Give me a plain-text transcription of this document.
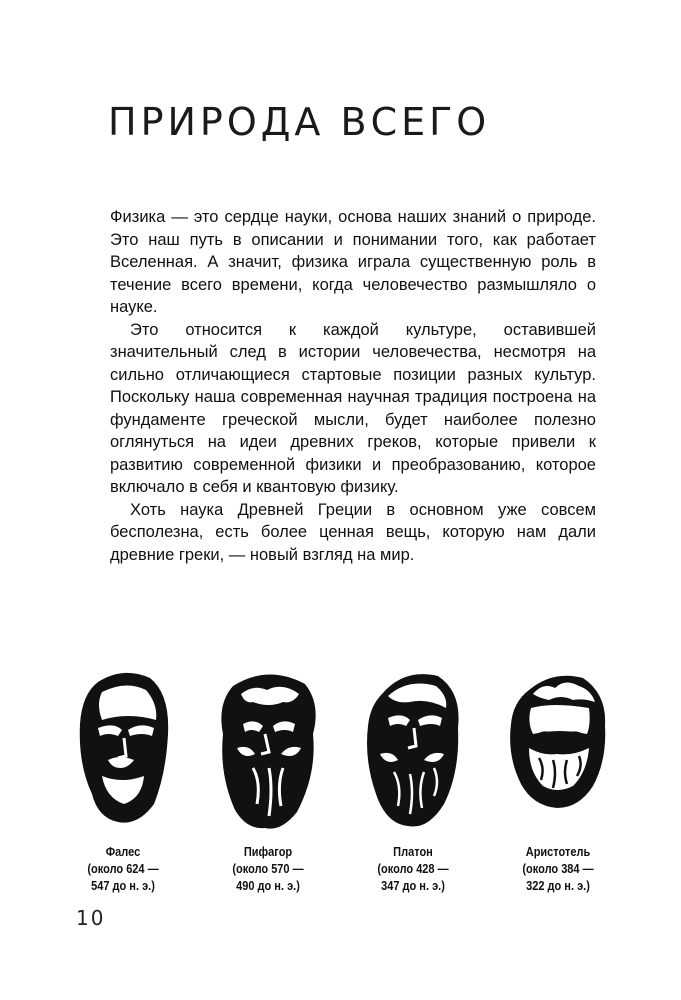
ПРИРОДА ВСЕГО

Физика — это сердце науки, основа наших знаний о природе. Это наш путь в описании и понимании того, как работает Вселенная. А значит, физика играла существенную роль в течение всего времени, когда человечество размышляло о науке.

Это относится к каждой культуре, оставившей значительный след в истории человечества, несмотря на сильно отличающиеся стартовые позиции разных культур. Поскольку наша современная научная традиция построена на фундаменте греческой мысли, будет наиболее полезно оглянуться на идеи древних греков, которые привели к развитию современной физики и преобразованию, которое включало в себя и квантовую физику.

Хоть наука Древней Греции в основном уже совсем бесполезна, есть более ценная вещь, которую нам дали древние греки, — новый взгляд на мир.

Фалес
(около 624 —
547 до н. э.)
Пифагор
(около 570 —
490 до н. э.)
Платон
(около 428 —
347 до н. э.)
Аристотель
(около 384 —
322 до н. э.)
10
